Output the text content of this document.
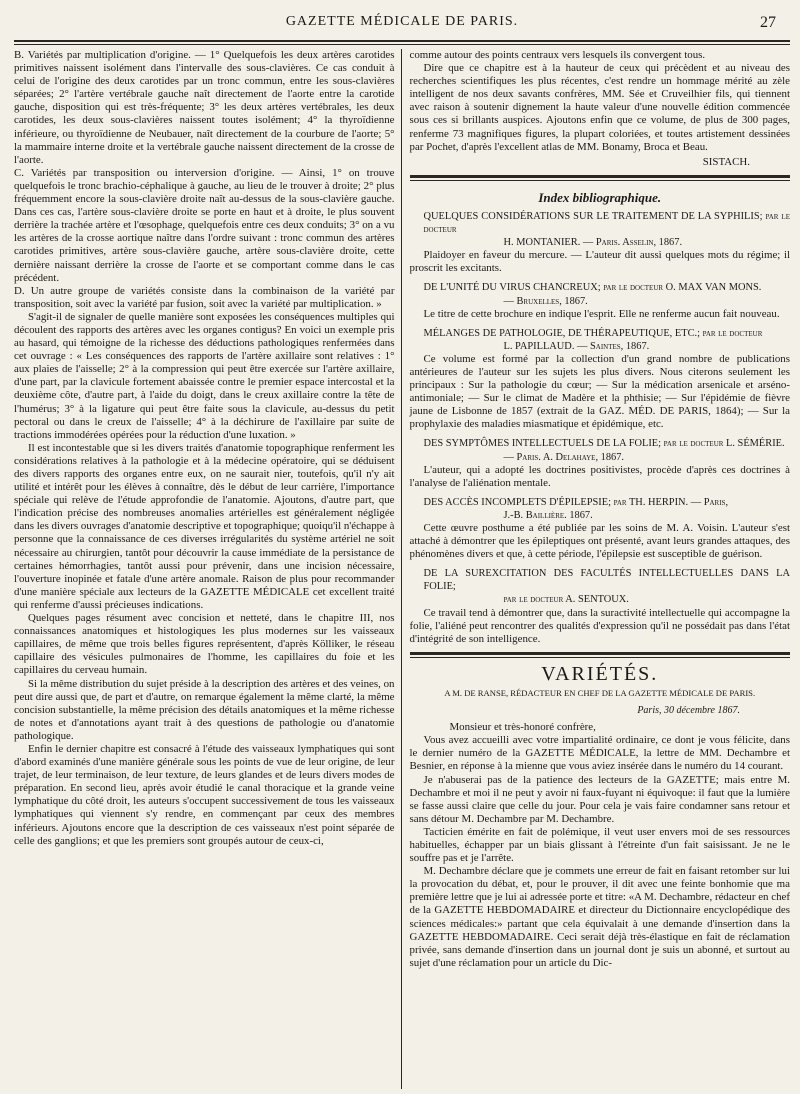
GAZETTE MÉDICALE DE PARIS.	27

B. Variétés par multiplication d'origine. — 1° Quelquefois les deux artères carotides primitives naissent isolément dans l'intervalle des sous-clavières. Ce cas conduit à celui de l'origine des deux carotides par un tronc commun, entre les sous-clavières séparées; 2° l'artère vertébrale gauche naît directement de l'aorte entre la carotide gauche, disposition qui est très-fréquente; 3° les deux artères vertébrales, les deux carotides, les deux sous-clavières naissent toutes isolément; 4° la thyroïdienne inférieure, ou thyroïdienne de Neubauer, naît directement de la courbure de l'aorte; 5° la mammaire interne droite et la vertébrale gauche naissent directement de la crosse de l'aorte.

C. Variétés par transposition ou interversion d'origine. — Ainsi, 1° on trouve quelquefois le tronc brachio-céphalique à gauche, au lieu de le trouver à droite; 2° plus fréquemment encore la sous-clavière droite naît au-dessus de la sous-clavière gauche. Dans ces cas, l'artère sous-clavière droite se porte en haut et à droite, le plus souvent derrière la trachée artère et l'œsophage, quelquefois entre ces deux conduits; 3° on a vu les artères de la crosse aortique naître dans l'ordre suivant : tronc commun des artères carotides primitives, artère sous-clavière gauche, artère sous-clavière droite, cette dernière naissant derrière la crosse de l'aorte et se comportant comme dans le cas précédent.

D. Un autre groupe de variétés consiste dans la combinaison de la variété par transposition, soit avec la variété par fusion, soit avec la variété par multiplication. »

S'agit-il de signaler de quelle manière sont exposées les conséquences multiples qui découlent des rapports des artères avec les organes contigus? En voici un exemple pris au hasard, qui témoigne de la richesse des déductions pathologiques renfermées dans cet ouvrage : « Les conséquences des rapports de l'artère axillaire sont relatives : 1° aux plaies de l'aisselle; 2° à la compression qui peut être exercée sur l'artère axillaire, d'une part, par la clavicule fortement abaissée contre le premier espace intercostal et la deuxième côte, d'autre part, à l'aide du doigt, dans le creux axillaire contre la tête de l'humérus; 3° à la ligature qui peut être faite sous la clavicule, au-dessus du petit pectoral ou dans le creux de l'aisselle; 4° à la déchirure de l'axillaire par suite de tractions immodérées opérées pour la réduction d'une luxation. »

Il est incontestable que si les divers traités d'anatomie topographique renferment les considérations relatives à la pathologie et à la médecine opératoire, qui se déduisent des divers rapports des organes entre eux, on ne saurait nier, toutefois, qu'il n'y ait utilité et intérêt pour les élèves à connaître, dès le début de leur carrière, l'importance spéciale qui relève de l'étude approfondie de l'anatomie. Ajoutons, d'autre part, que l'indication précise des nombreuses anomalies artérielles est généralement négligée dans les divers ouvrages d'anatomie descriptive et topographique; quoiqu'il n'échappe à personne que la connaissance de ces diverses irrégularités du système artériel ne soit nécessaire au chirurgien, tantôt pour découvrir la cause immédiate de la persistance de certaines hémorrhagies, tantôt aussi pour prévenir, dans une incision nécessaire, l'ouverture inopinée et fatale d'une artère anomale. Raison de plus pour recommander d'une manière spéciale aux lecteurs de la GAZETTE MÉDICALE cet excellent traité qui renferme d'aussi précieuses indications.

Quelques pages résument avec concision et netteté, dans le chapitre III, nos connaissances anatomiques et histologiques les plus modernes sur les vaisseaux capillaires, de même que trois belles figures représentent, d'après Kölliker, le réseau capillaire des vésicules pulmonaires de l'homme, les capillaires du foie et les capillaires du cerveau humain.

Si la même distribution du sujet préside à la description des artères et des veines, on peut dire aussi que, de part et d'autre, on remarque également la même clarté, la même concision substantielle, la même précision des détails anatomiques et la même richesse de notes et d'annotations ayant trait à des questions de pathologie ou d'anatomie pathologique.

Enfin le dernier chapitre est consacré à l'étude des vaisseaux lymphatiques qui sont d'abord examinés d'une manière générale sous les points de vue de leur origine, de leur trajet, de leur terminaison, de leur texture, de leurs glandes et de leurs divers modes de préparation. En second lieu, après avoir étudié le canal thoracique et la grande veine lymphatique du côté droit, les auteurs s'occupent successivement de tous les vaisseaux lymphatiques qui viennent s'y rendre, en commençant par ceux des membres inférieurs. Ajoutons encore que la description de ces vaisseaux n'est point séparée de celle des ganglions; et que les premiers sont groupés autour de ceux-ci,

comme autour des points centraux vers lesquels ils convergent tous.

Dire que ce chapitre est à la hauteur de ceux qui précèdent et au niveau des recherches scientifiques les plus récentes, c'est rendre un hommage mérité au zèle intelligent de nos deux savants confrères, MM. Sée et Cruveilhier fils, qui tiennent avec raison à soutenir dignement la haute valeur d'une nouvelle édition commencée sous ces si brillants auspices. Ajoutons enfin que ce volume, de plus de 300 pages, renferme 73 magnifiques figures, la plupart coloriées, et toutes artistement dessinées par Pochet, d'après l'excellent atlas de MM. Bonamy, Broca et Beau.

SISTACH.
Index bibliographique.

QUELQUES CONSIDÉRATIONS SUR LE TRAITEMENT DE LA SYPHILIS; par le docteur
H. MONTANIER. — Paris. Asselin, 1867.

Plaidoyer en faveur du mercure. — L'auteur dit aussi quelques mots du régime; il proscrit les excitants.

DE L'UNITÉ DU VIRUS CHANCREUX; par le docteur O. MAX VAN MONS.
— Bruxelles, 1867.

Le titre de cette brochure en indique l'esprit. Elle ne renferme aucun fait nouveau.

MÉLANGES DE PATHOLOGIE, DE THÉRAPEUTIQUE, ETC.; par le docteur
L. PAPILLAUD. — Saintes, 1867.

Ce volume est formé par la collection d'un grand nombre de publications antérieures de l'auteur sur les sujets les plus divers. Nous citerons seulement les principaux : Sur la pathologie du cœur; — Sur la médication arsenicale et arséno-antimoniale; — Sur le climat de Madère et la phthisie; — Sur l'épidémie de fièvre jaune de Lisbonne de 1857 (extrait de la GAZ. MÉD. DE PARIS, 1864); — Sur la prophylaxie des maladies miasmatique et épidémique, etc.

DES SYMPTÔMES INTELLECTUELS DE LA FOLIE; par le docteur L. SÉMÉRIE.
— Paris. A. Delahaye, 1867.

L'auteur, qui a adopté les doctrines positivistes, procède d'après ces doctrines à l'analyse de l'aliénation mentale.

DES ACCÈS INCOMPLETS D'ÉPILEPSIE; par TH. HERPIN. — Paris,
J.-B. Baillière. 1867.

Cette œuvre posthume a été publiée par les soins de M. A. Voisin. L'auteur s'est attaché à démontrer que les épileptiques ont présenté, avant leurs grandes attaques, des phénomènes divers et que, à cette période, l'épilepsie est susceptible de guérison.

DE LA SUREXCITATION DES FACULTÉS INTELLECTUELLES DANS LA FOLIE;
par le docteur A. SENTOUX.

Ce travail tend à démontrer que, dans la suractivité intellectuelle qui accompagne la folie, l'aliéné peut rencontrer des qualités d'expression qu'il ne possédait pas dans l'état d'intégrité de son intelligence.

VARIÉTÉS.
A M. DE RANSE, RÉDACTEUR EN CHEF DE LA GAZETTE MÉDICALE DE PARIS.
Paris, 30 décembre 1867.

Monsieur et très-honoré confrère,

Vous avez accueilli avec votre impartialité ordinaire, ce dont je vous félicite, dans le dernier numéro de la GAZETTE MÉDICALE, la lettre de MM. Dechambre et Besnier, en réponse à la mienne que vous aviez insérée dans le numéro du 14 courant.

Je n'abuserai pas de la patience des lecteurs de la GAZETTE; mais entre M. Dechambre et moi il ne peut y avoir ni faux-fuyant ni équivoque: il faut que la lumière se fasse aussi claire que celle du jour. Pour cela je vais faire condamner sans retour et sans détour M. Dechambre par M. Dechambre.

Tacticien émérite en fait de polémique, il veut user envers moi de ses ressources habituelles, échapper par un biais glissant à l'étreinte d'un fait saisissant. Je ne le souffre pas et je l'arrête.

M. Dechambre déclare que je commets une erreur de fait en faisant retomber sur lui la provocation du débat, et, pour le prouver, il dit avec une feinte bonhomie que ma première lettre que je lui ai adressée porte et titre: «A M. Dechambre, rédacteur en chef de la GAZETTE HEBDOMADAIRE et directeur du Dictionnaire encyclopédique des sciences médicales:» partant que cela équivalait à une demande d'insertion dans la GAZETTE HEBDOMADAIRE. Ceci serait déjà très-élastique en fait de réclamation privée, sans demande d'insertion dans un journal dont je suis un abonné, et surtout au sujet d'une réclamation pour un article du Dic-
